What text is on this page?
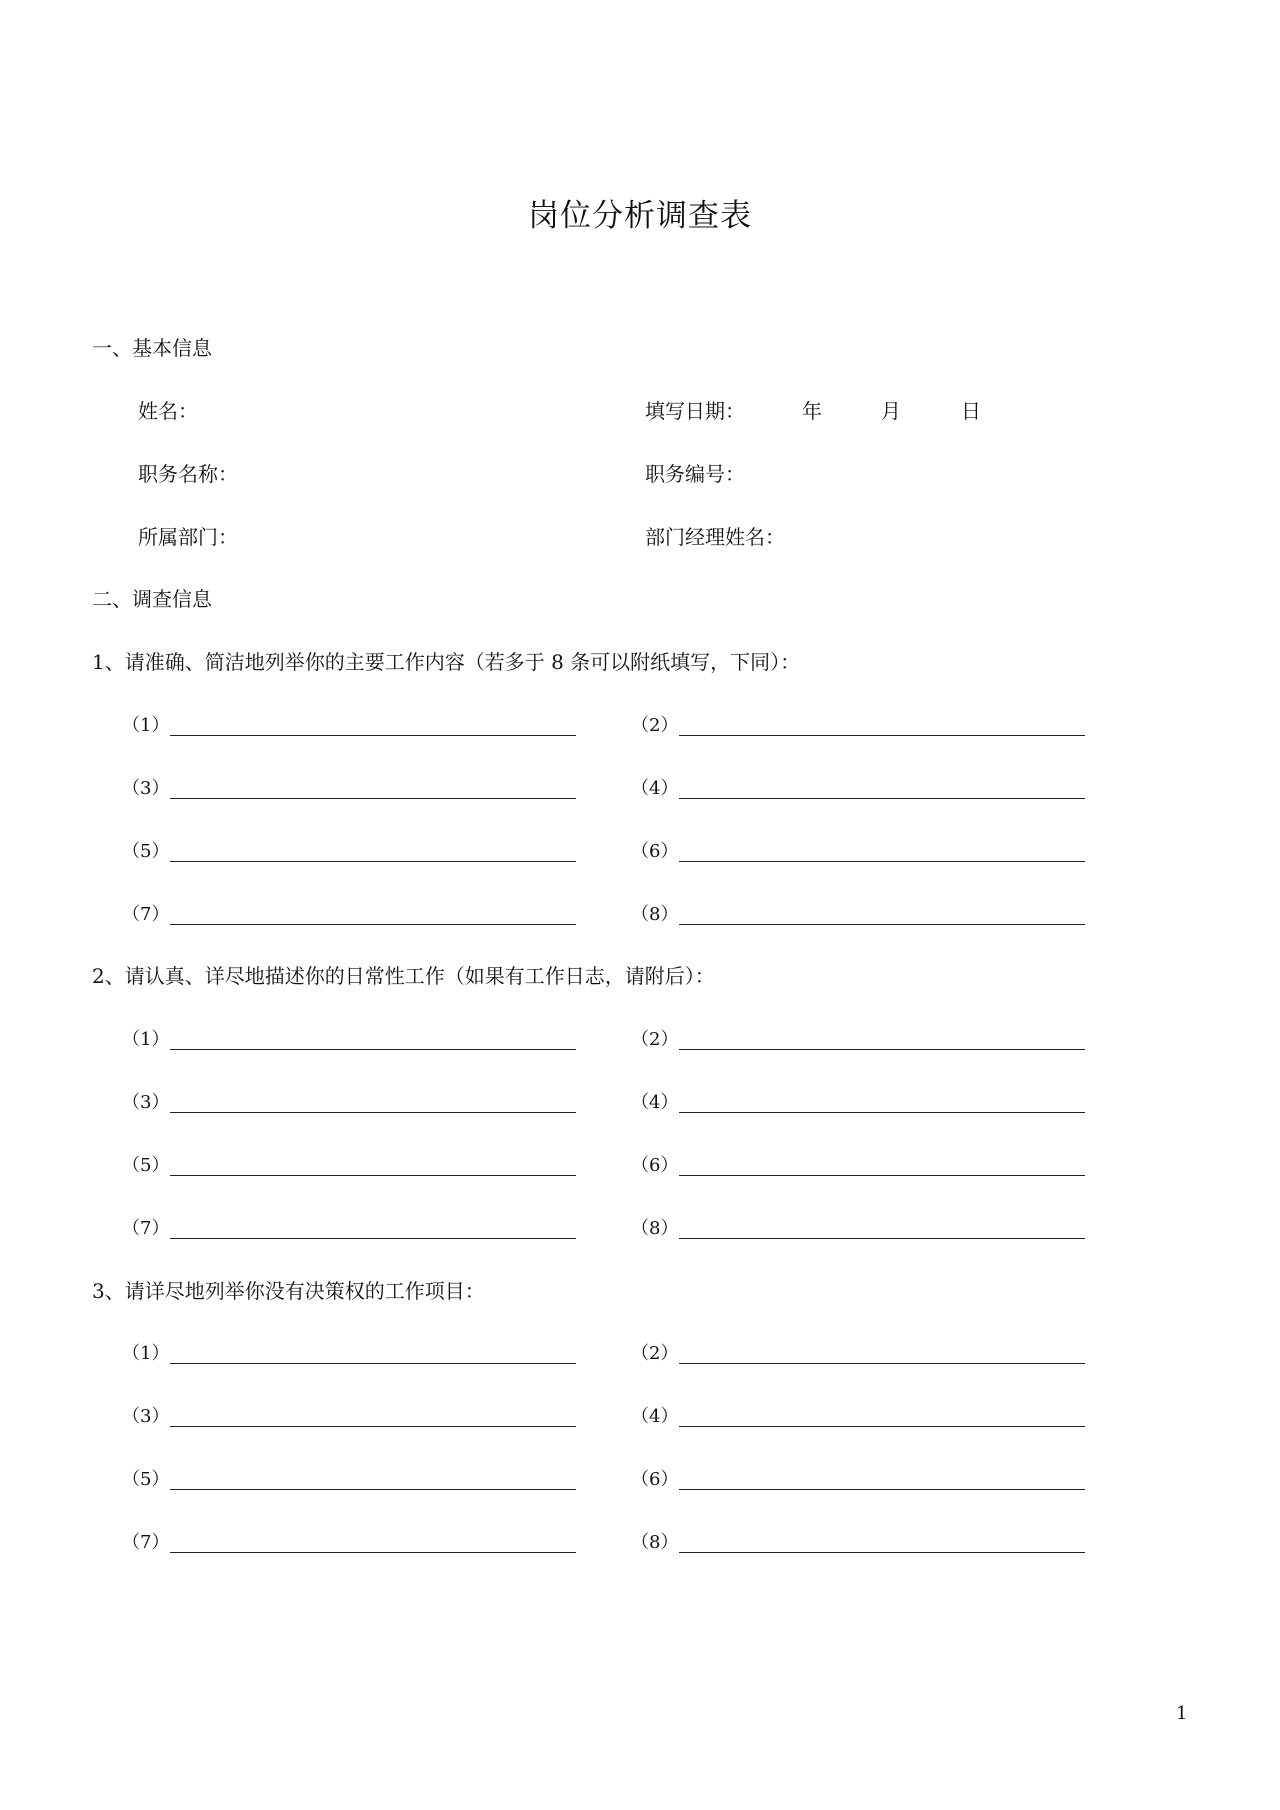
岗位分析调查表
一、基本信息
姓名：	填写日期：	年	月	日
职务名称：	职务编号：
所属部门：	部门经理姓名：
二、调查信息
1、请准确、简洁地列举你的主要工作内容（若多于 8 条可以附纸填写，下同）：
（1）	（2）
（3）	（4）
（5）	（6）
（7）	（8）
2、请认真、详尽地描述你的日常性工作（如果有工作日志，请附后）：
（1）	（2）
（3）	（4）
（5）	（6）
（7）	（8）
3、请详尽地列举你没有决策权的工作项目：
（1）	（2）
（3）	（4）
（5）	（6）
（7）	（8）
1
